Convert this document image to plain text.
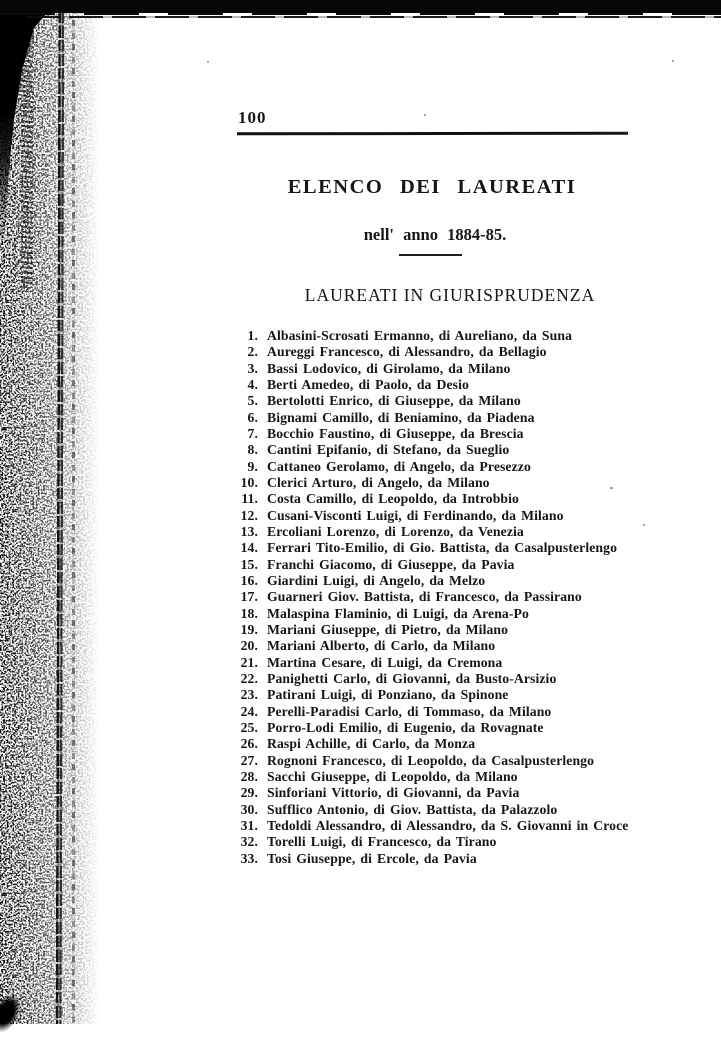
100
ELENCO DEI LAUREATI
nell' anno 1884-85.
LAUREATI IN GIURISPRUDENZA
1. Albasini-Scrosati Ermanno, di Aureliano, da Suna
2. Aureggi Francesco, di Alessandro, da Bellagio
3. Bassi Lodovico, di Girolamo, da Milano
4. Berti Amedeo, di Paolo, da Desio
5. Bertolotti Enrico, di Giuseppe, da Milano
6. Bignami Camillo, di Beniamino, da Piadena
7. Bocchio Faustino, di Giuseppe, da Brescia
8. Cantini Epifanio, di Stefano, da Sueglio
9. Cattaneo Gerolamo, di Angelo, da Presezzo
10. Clerici Arturo, di Angelo, da Milano
11. Costa Camillo, di Leopoldo, da Introbbio
12. Cusani-Visconti Luigi, di Ferdinando, da Milano
13. Ercoliani Lorenzo, di Lorenzo, da Venezia
14. Ferrari Tito-Emilio, di Gio. Battista, da Casalpusterlengo
15. Franchi Giacomo, di Giuseppe, da Pavia
16. Giardini Luigi, di Angelo, da Melzo
17. Guarneri Giov. Battista, di Francesco, da Passirano
18. Malaspina Flaminio, di Luigi, da Arena-Po
19. Mariani Giuseppe, di Pietro, da Milano
20. Mariani Alberto, di Carlo, da Milano
21. Martina Cesare, di Luigi, da Cremona
22. Panighetti Carlo, di Giovanni, da Busto-Arsizio
23. Patirani Luigi, di Ponziano, da Spinone
24. Perelli-Paradisi Carlo, di Tommaso, da Milano
25. Porro-Lodi Emilio, di Eugenio, da Rovagnate
26. Raspi Achille, di Carlo, da Monza
27. Rognoni Francesco, di Leopoldo, da Casalpusterlengo
28. Sacchi Giuseppe, di Leopoldo, da Milano
29. Sinforiani Vittorio, di Giovanni, da Pavia
30. Sufflico Antonio, di Giov. Battista, da Palazzolo
31. Tedoldi Alessandro, di Alessandro, da S. Giovanni in Croce
32. Torelli Luigi, di Francesco, da Tirano
33. Tosi Giuseppe, di Ercole, da Pavia
